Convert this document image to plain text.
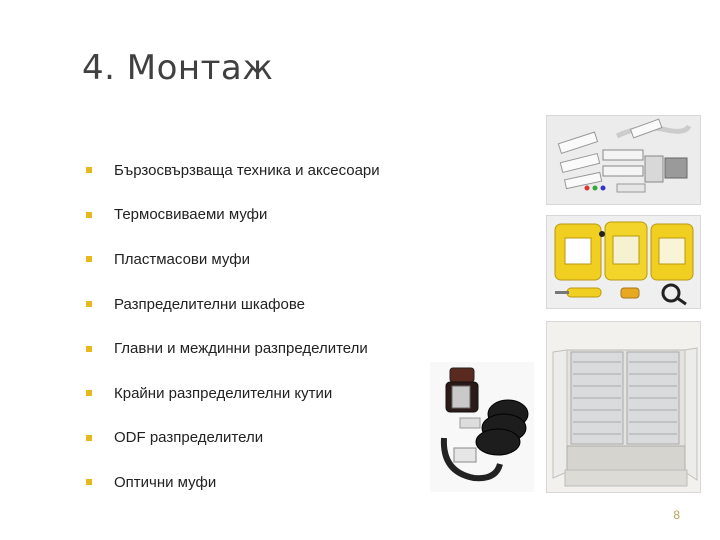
4. Монтаж
Бързосвързваща техника и аксесоари
Термосвиваеми муфи
Пластмасови муфи
Разпределителни шкафове
Главни и междинни разпределители
Крайни разпределителни кутии
ODF разпределители
Оптични муфи
8
